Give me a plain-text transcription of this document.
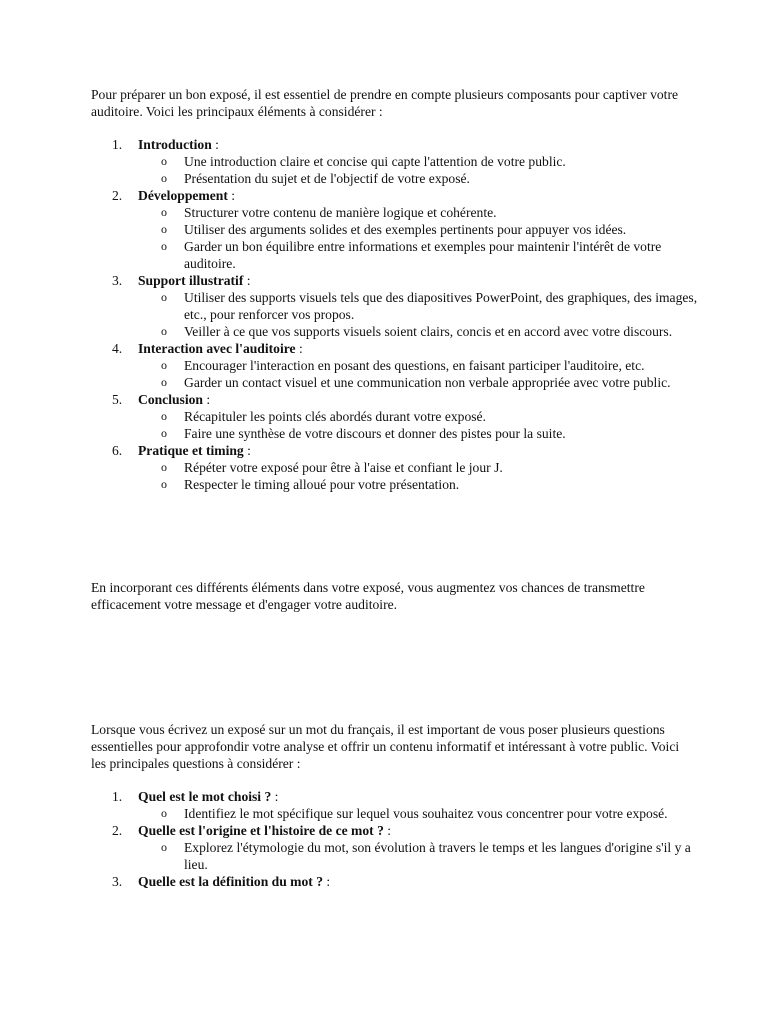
Pour préparer un bon exposé, il est essentiel de prendre en compte plusieurs composants pour captiver votre auditoire. Voici les principaux éléments à considérer :

1. Introduction :
o Une introduction claire et concise qui capte l'attention de votre public.
o Présentation du sujet et de l'objectif de votre exposé.
2. Développement :
o Structurer votre contenu de manière logique et cohérente.
o Utiliser des arguments solides et des exemples pertinents pour appuyer vos idées.
o Garder un bon équilibre entre informations et exemples pour maintenir l'intérêt de votre auditoire.
3. Support illustratif :
o Utiliser des supports visuels tels que des diapositives PowerPoint, des graphiques, des images, etc., pour renforcer vos propos.
o Veiller à ce que vos supports visuels soient clairs, concis et en accord avec votre discours.
4. Interaction avec l'auditoire :
o Encourager l'interaction en posant des questions, en faisant participer l'auditoire, etc.
o Garder un contact visuel et une communication non verbale appropriée avec votre public.
5. Conclusion :
o Récapituler les points clés abordés durant votre exposé.
o Faire une synthèse de votre discours et donner des pistes pour la suite.
6. Pratique et timing :
o Répéter votre exposé pour être à l'aise et confiant le jour J.
o Respecter le timing alloué pour votre présentation.

En incorporant ces différents éléments dans votre exposé, vous augmentez vos chances de transmettre efficacement votre message et d'engager votre auditoire.

Lorsque vous écrivez un exposé sur un mot du français, il est important de vous poser plusieurs questions essentielles pour approfondir votre analyse et offrir un contenu informatif et intéressant à votre public. Voici les principales questions à considérer :

1. Quel est le mot choisi ? :
o Identifiez le mot spécifique sur lequel vous souhaitez vous concentrer pour votre exposé.
2. Quelle est l'origine et l'histoire de ce mot ? :
o Explorez l'étymologie du mot, son évolution à travers le temps et les langues d'origine s'il y a lieu.
3. Quelle est la définition du mot ? :
